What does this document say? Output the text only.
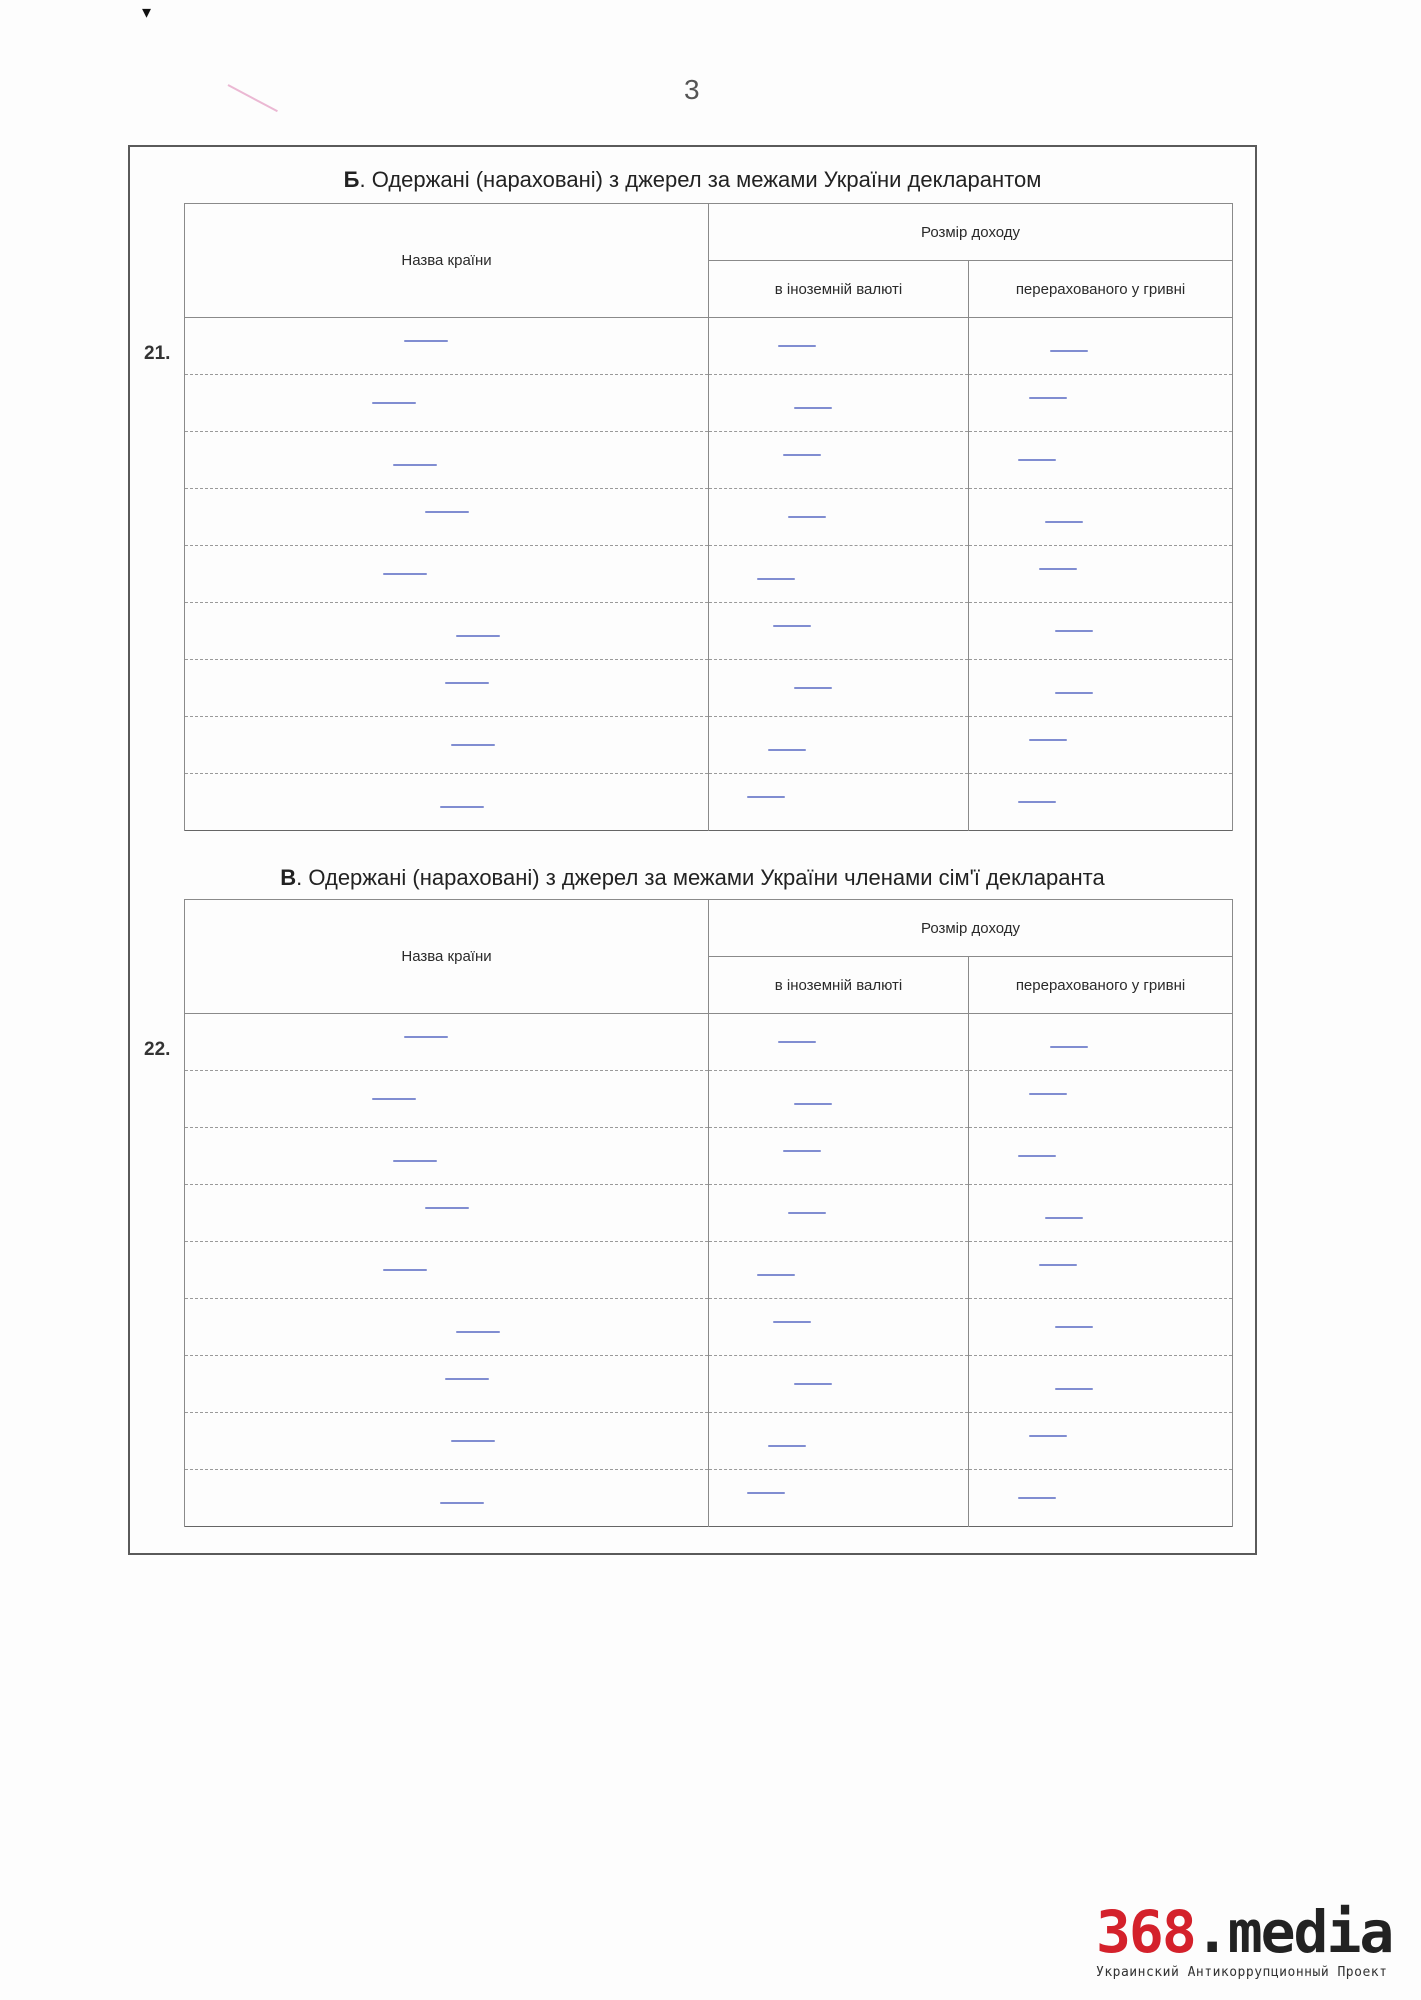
▾
3
Б. Одержані (нараховані) з джерел за межами України декларантом
21.
Назва країни	Розмір доходу	
	в іноземній валюті	перерахованого у гривні

В. Одержані (нараховані) з джерел за межами України членами сім'ї декларанта
22.
Назва країни	Розмір доходу	
	в іноземній валюті	перерахованого у гривні

368.media
Украинский Антикоррупционный Проект
